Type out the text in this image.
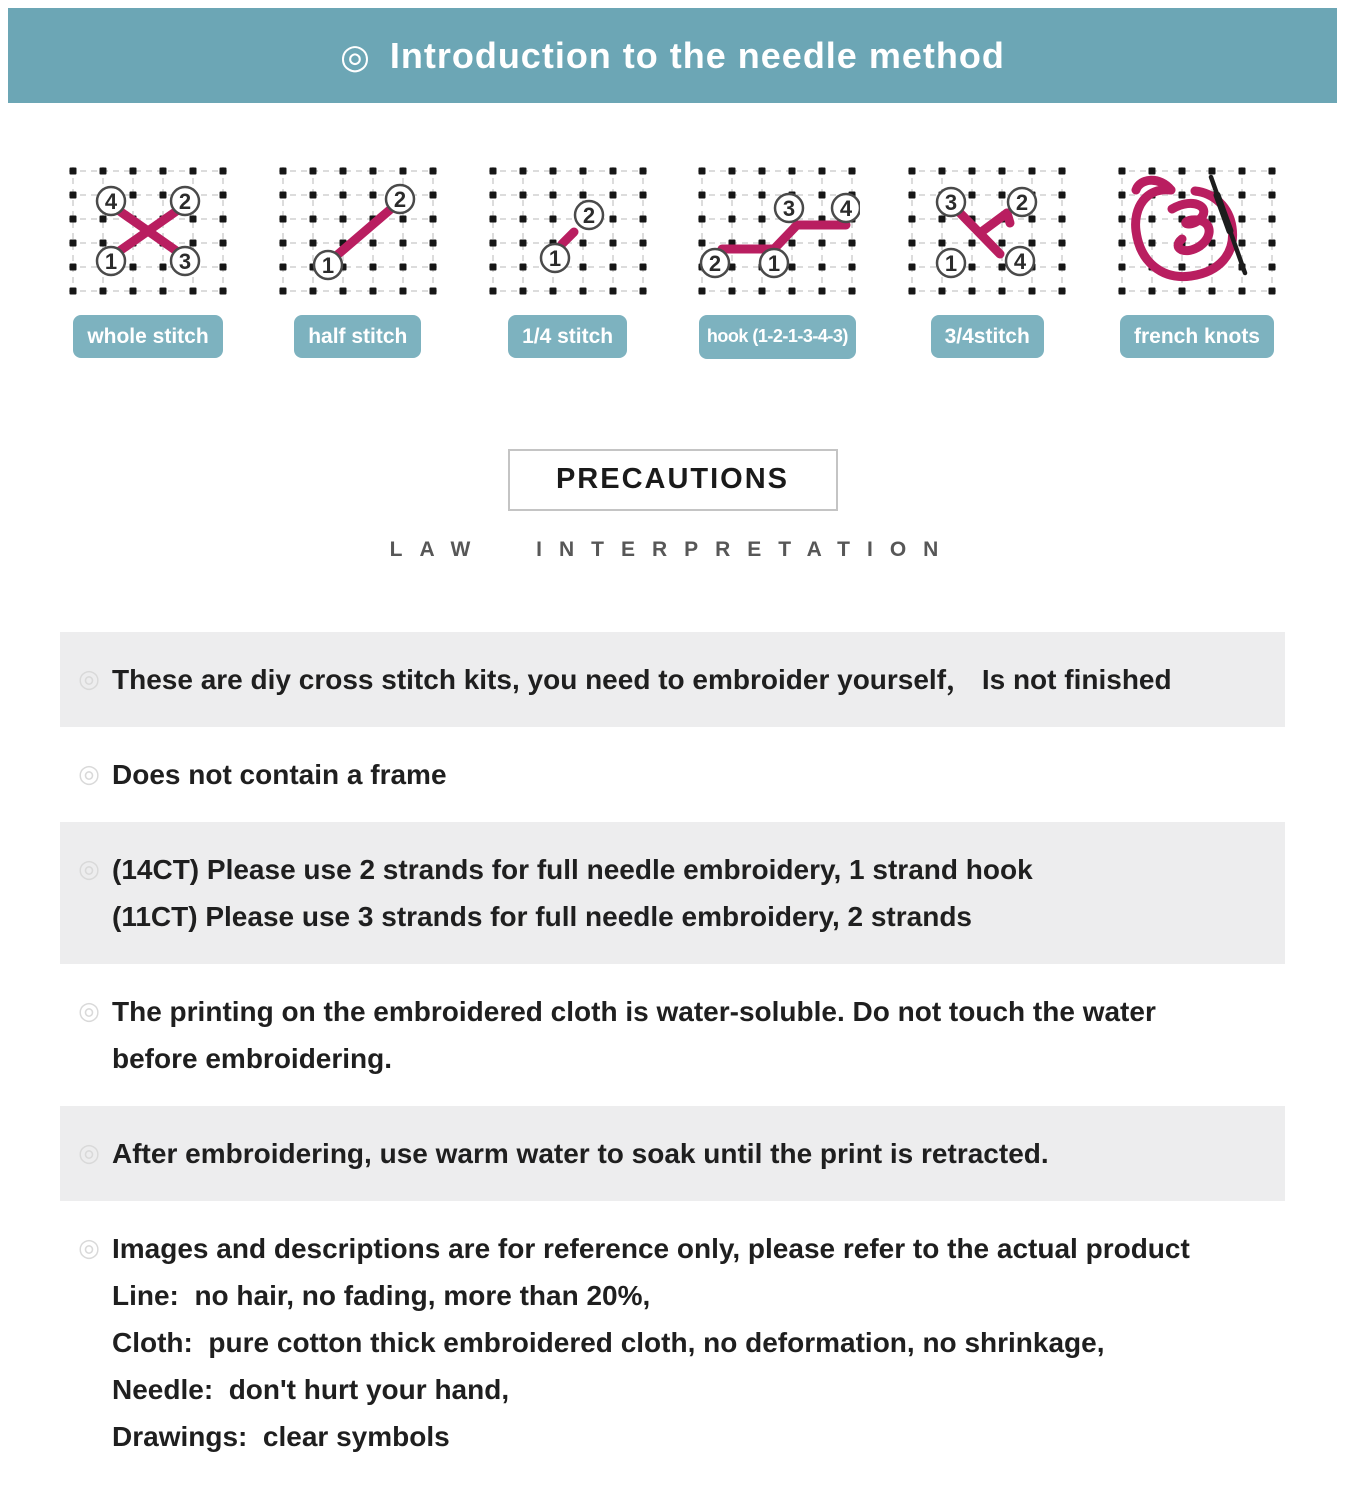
◎ Introduction to the needle method
4	2
1	3
whole stitch
1
2
half stitch
1
2
1/4 stitch
2 1
3 4
hook (1-2-1-3-4-3)
3	2
1	4
3/4stitch	french knots
PRECAUTIONS
LAW INTERPRETATION
◎ These are diy cross stitch kits, you need to embroider yourself， Is not finished
◎ Does not contain a frame
◎ (14CT) Please use 2 strands for full needle embroidery, 1 strand hook
(11CT) Please use 3 strands for full needle embroidery, 2 strands
◎ The printing on the embroidered cloth is water-soluble. Do not touch the water
before embroidering.
◎ After embroidering, use warm water to soak until the print is retracted.
◎ Images and descriptions are for reference only, please refer to the actual product
Line:  no hair, no fading, more than 20%,
Cloth:  pure cotton thick embroidered cloth, no deformation, no shrinkage,
Needle:  don't hurt your hand,
Drawings:  clear symbols
